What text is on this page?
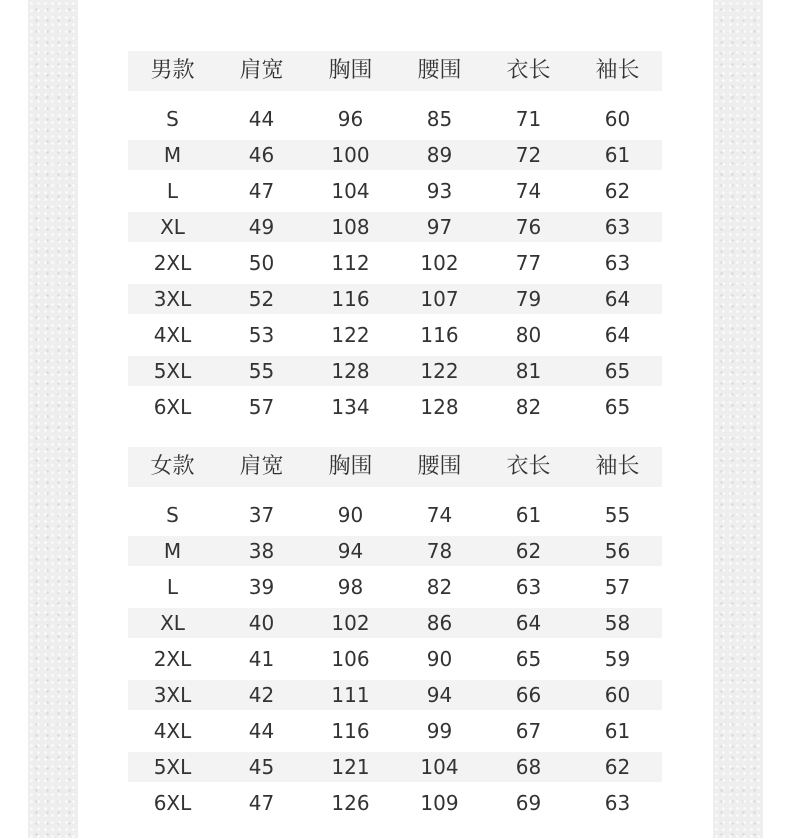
男款	肩宽	胸围	腰围	衣长	袖长
S	44	96	85	71	60
M	46	100	89	72	61
L	47	104	93	74	62
XL	49	108	97	76	63
2XL	50	112	102	77	63
3XL	52	116	107	79	64
4XL	53	122	116	80	64
5XL	55	128	122	81	65
6XL	57	134	128	82	65
女款	肩宽	胸围	腰围	衣长	袖长
S	37	90	74	61	55
M	38	94	78	62	56
L	39	98	82	63	57
XL	40	102	86	64	58
2XL	41	106	90	65	59
3XL	42	111	94	66	60
4XL	44	116	99	67	61
5XL	45	121	104	68	62
6XL	47	126	109	69	63
